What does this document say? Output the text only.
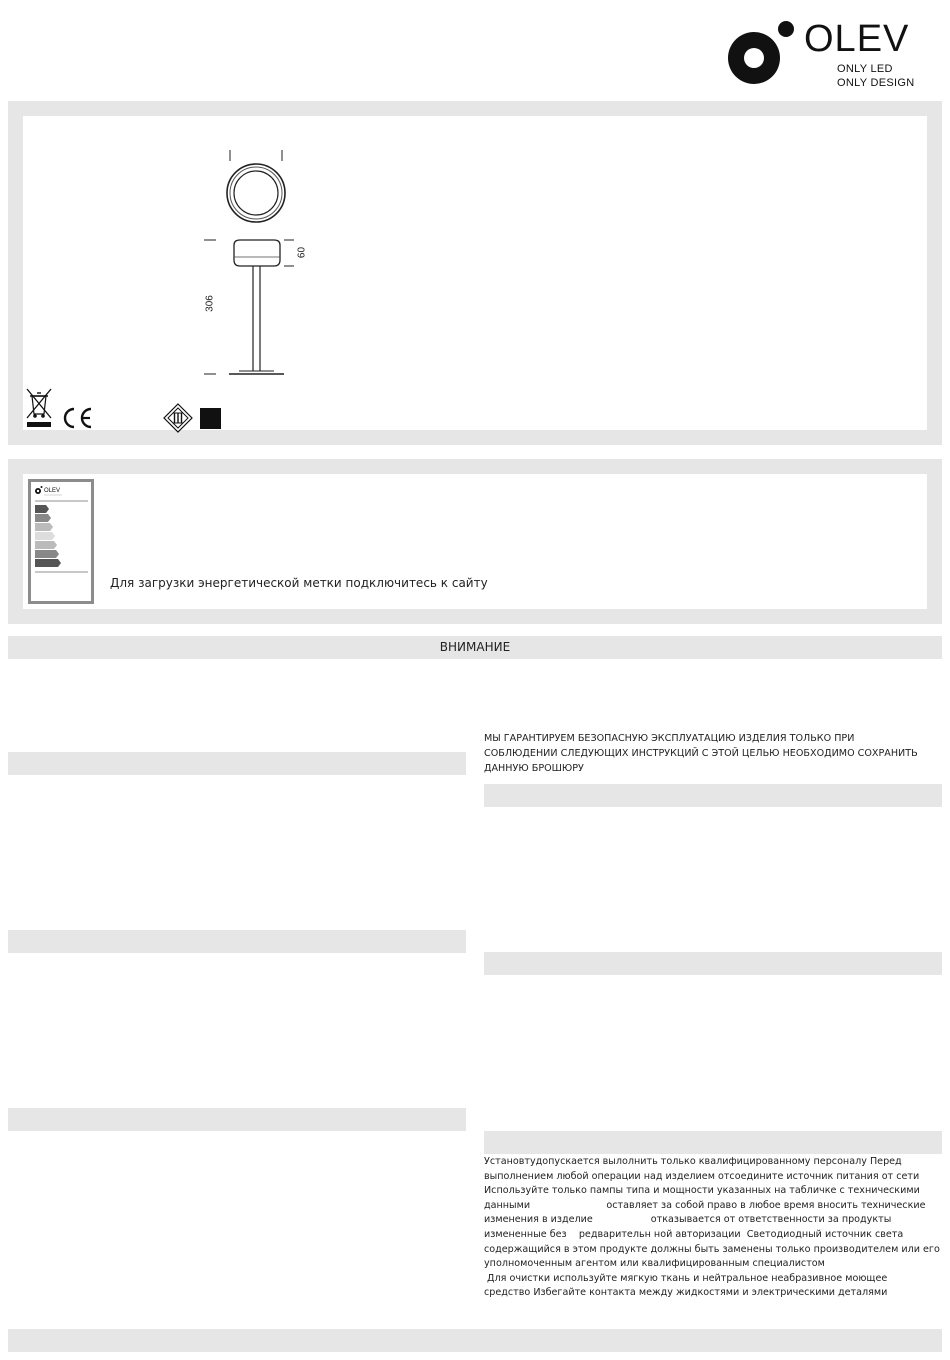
OLEV
ONLY LED
ONLY DESIGN
306
60
OLEV
Для загрузки энергетической метки подключитесь к сайту
ВНИМАНИЕ
МЫ ГАРАНТИРУЕМ БЕЗОПАСНУЮ ЭКСПЛУАТАЦИЮ ИЗДЕЛИЯ ТОЛЬКО ПРИ
СОБЛЮДЕНИИ СЛЕДУЮЩИХ ИНСТРУКЦИЙ С ЭТОЙ ЦЕЛЬЮ НЕОБХОДИМО СОХРАНИТЬ
ДАННУЮ БРОШЮРУ
Установтудопускается вылолнить только квалифицированному персоналу Перед
выполнением любой операции над изделием отсоедините источник питания от сети
Используйте только пампы типа и мощности указанных на табличке с техническими
данными                         оставляет за собой право в любое время вносить технические
изменения в изделие                   отказывается от ответственности за продукты
измененные без    редварительн ной авторизации  Светодиодный источник света
содержащийся в этом продукте должны быть заменены только производителем или его
уполномоченным агентом или квалифицированным специалистом
Для очистки используйте мягкую ткань и нейтральное неабразивное моющее
средство Избегайте контакта между жидкостями и электрическими деталями
